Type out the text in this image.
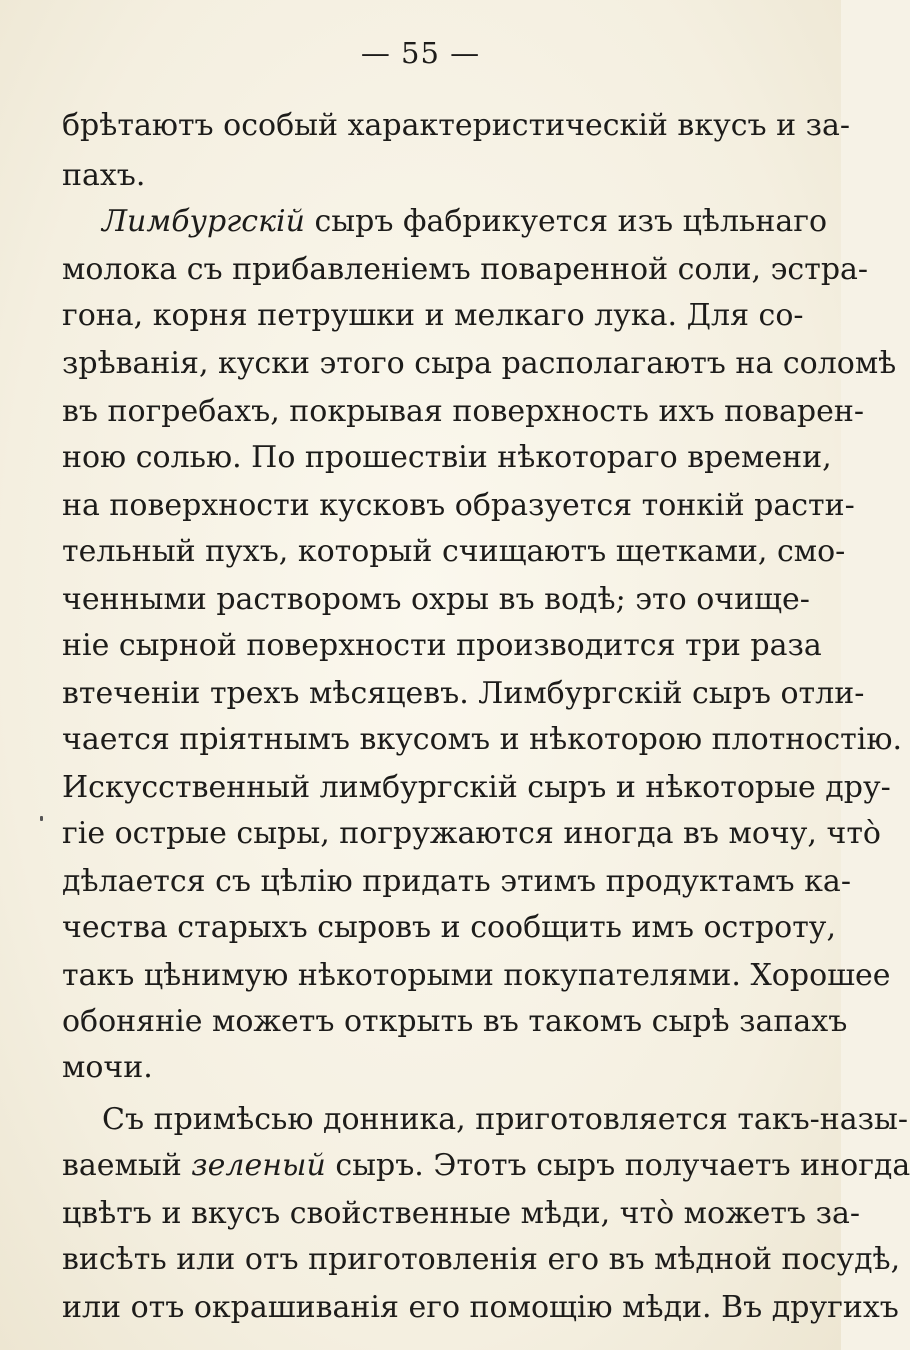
— 55 —
брѣтаютъ особый характеристическій вкусъ и за-
пахъ.
Лимбургскій сыръ фабрикуется изъ цѣльнаго
молока съ прибавленіемъ поваренной соли, эстра-
гона, корня петрушки и мелкаго лука. Для со-
зрѣванія, куски этого сыра располагаютъ на соломѣ
въ погребахъ, покрывая поверхность ихъ поварен-
ною солью. По прошествіи нѣкотораго времени,
на поверхности кусковъ образуется тонкій расти-
тельный пухъ, который счищаютъ щетками, смо-
ченными растворомъ охры въ водѣ; это очище-
ніе сырной поверхности производится три раза
втеченіи трехъ мѣсяцевъ. Лимбургскій сыръ отли-
чается пріятнымъ вкусомъ и нѣкоторою плотностію.
Искусственный лимбургскій сыръ и нѣкоторые дру-
гіе острые сыры, погружаются иногда въ мочу, что̀
дѣлается съ цѣлію придать этимъ продуктамъ ка-
чества старыхъ сыровъ и сообщить имъ остроту,
такъ цѣнимую нѣкоторыми покупателями. Хорошее
обоняніе можетъ открыть въ такомъ сырѣ запахъ
мочи.
Съ примѣсью донника, приготовляется такъ-назы-
ваемый зеленый сыръ. Этотъ сыръ получаетъ иногда
цвѣтъ и вкусъ свойственные мѣди, что̀ можетъ за-
висѣть или отъ приготовленія его въ мѣдной посудѣ,
или отъ окрашиванія его помощію мѣди. Въ другихъ
